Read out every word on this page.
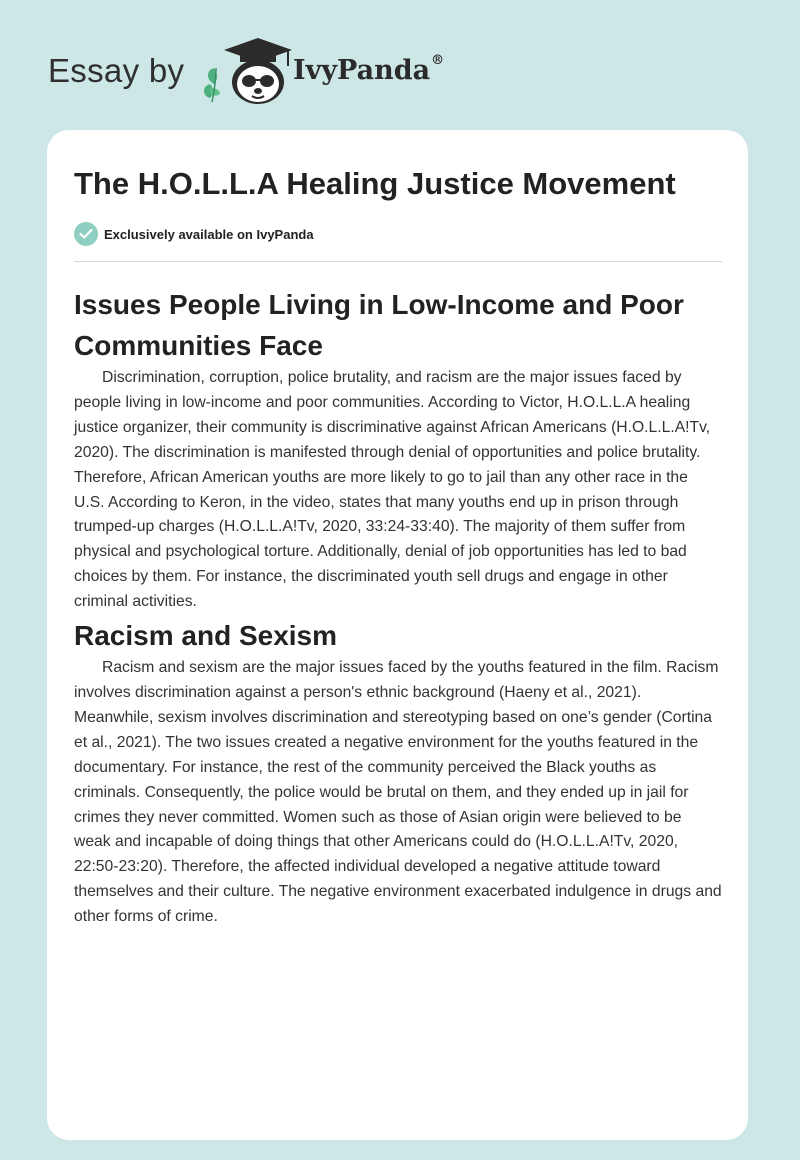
Essay by	IvyPanda®
The H.O.L.L.A Healing Justice Movement
Exclusively available on IvyPanda
Issues People Living in Low-Income and Poor Communities Face

Discrimination, corruption, police brutality, and racism are the major issues faced by people living in low-income and poor communities. According to Victor, H.O.L.L.A healing justice organizer, their community is discriminative against African Americans (H.O.L.L.A!Tv, 2020). The discrimination is manifested through denial of opportunities and police brutality. Therefore, African American youths are more likely to go to jail than any other race in the U.S. According to Keron, in the video, states that many youths end up in prison through trumped-up charges (H.O.L.L.A!Tv, 2020, 33:24-33:40). The majority of them suffer from physical and psychological torture. Additionally, denial of job opportunities has led to bad choices by them. For instance, the discriminated youth sell drugs and engage in other criminal activities.

Racism and Sexism

Racism and sexism are the major issues faced by the youths featured in the film. Racism involves discrimination against a person's ethnic background (Haeny et al., 2021). Meanwhile, sexism involves discrimination and stereotyping based on one’s gender (Cortina et al., 2021). The two issues created a negative environment for the youths featured in the documentary. For instance, the rest of the community perceived the Black youths as criminals. Consequently, the police would be brutal on them, and they ended up in jail for crimes they never committed. Women such as those of Asian origin were believed to be weak and incapable of doing things that other Americans could do (H.O.L.L.A!Tv, 2020, 22:50-23:20). Therefore, the affected individual developed a negative attitude toward themselves and their culture. The negative environment exacerbated indulgence in drugs and other forms of crime.
